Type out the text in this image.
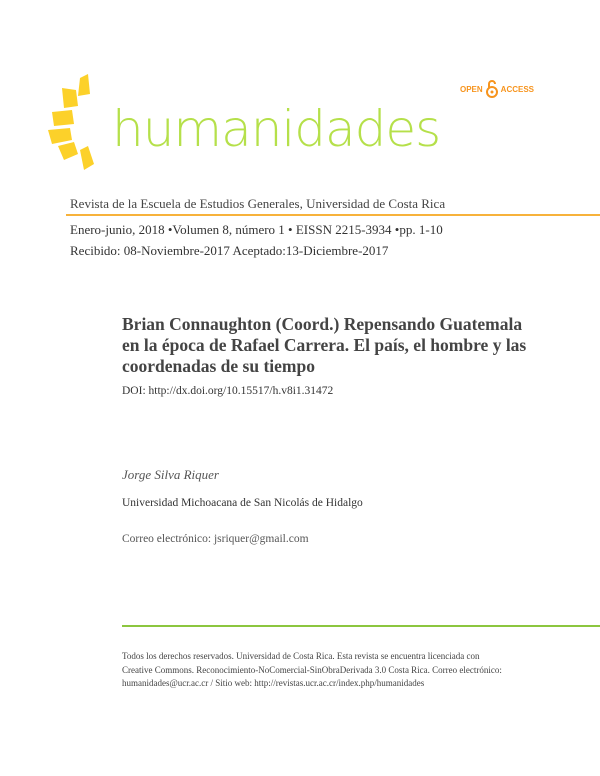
humanidades
OPEN ACCESS
Revista de la Escuela de Estudios Generales, Universidad de Costa Rica
Enero-junio, 2018 •Volumen 8, número 1 • EISSN 2215-3934 •pp. 1-10
Recibido: 08-Noviembre-2017 Aceptado:13-Diciembre-2017
Brian Connaughton (Coord.) Repensando Guatemala en la época de Rafael Carrera. El país, el hombre y las coordenadas de su tiempo
DOI: http://dx.doi.org/10.15517/h.v8i1.31472
Jorge Silva Riquer
Universidad Michoacana de San Nicolás de Hidalgo
Correo electrónico: jsriquer@gmail.com
Todos los derechos reservados. Universidad de Costa Rica. Esta revista se encuentra licenciada con Creative Commons. Reconocimiento-NoComercial-SinObraDerivada 3.0 Costa Rica. Correo electrónico: humanidades@ucr.ac.cr / Sitio web: http://revistas.ucr.ac.cr/index.php/humanidades
